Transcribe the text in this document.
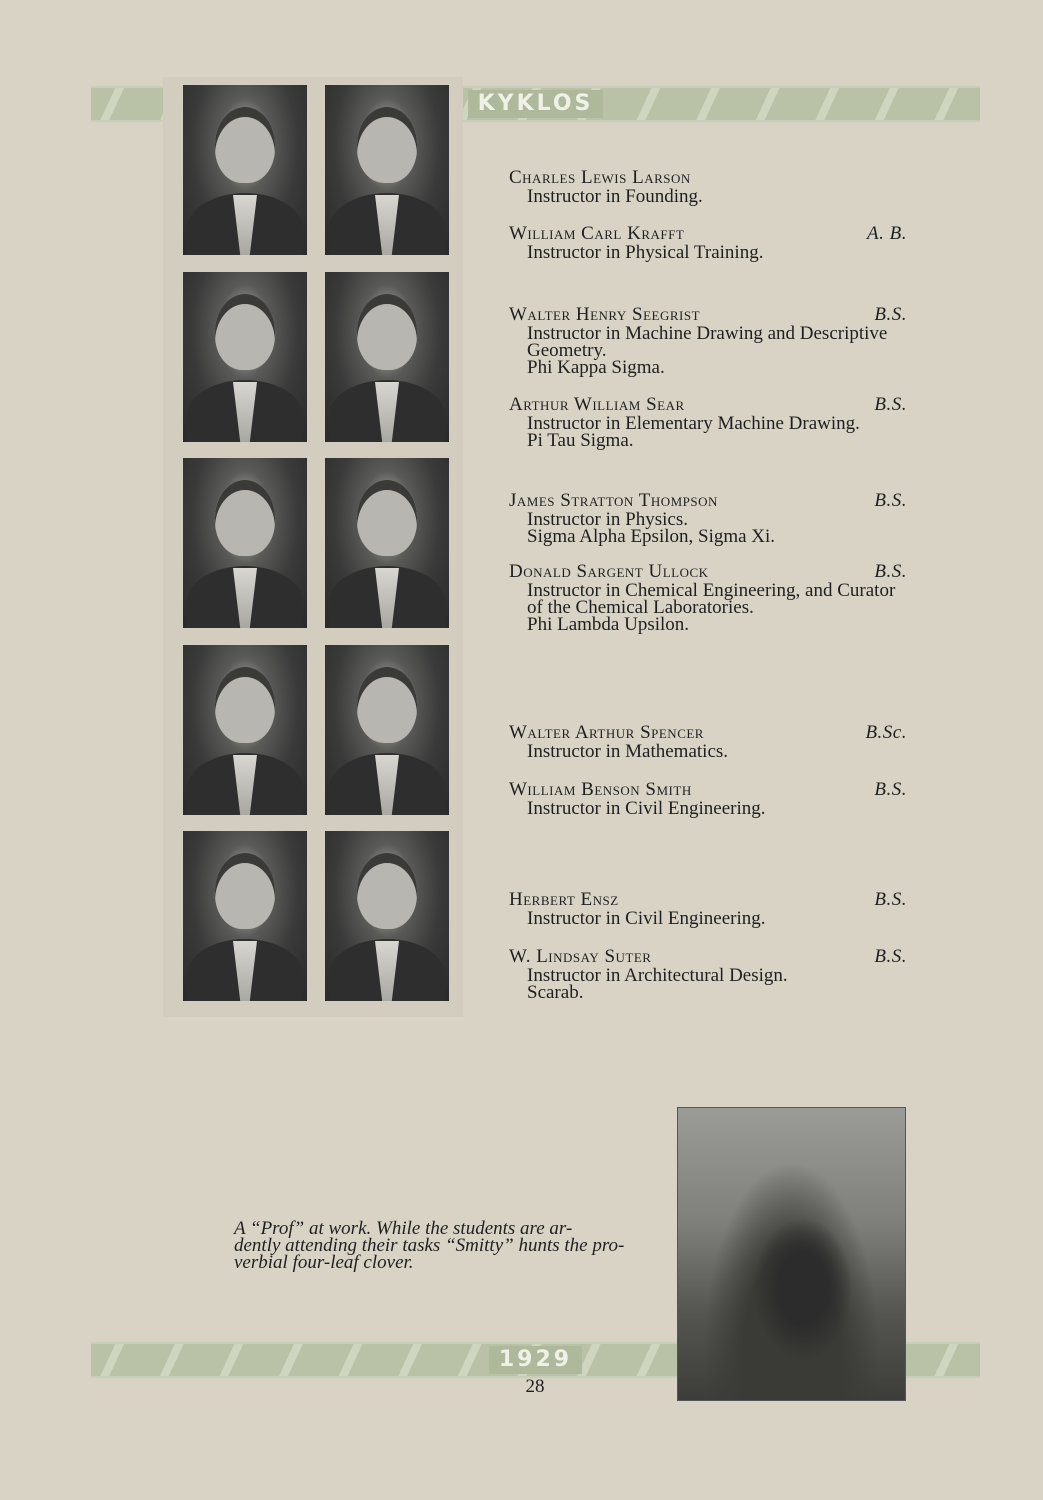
KYKLOS
Charles Lewis Larson
Instructor in Founding.
William Carl Krafft	A. B.
Instructor in Physical Training.
Walter Henry Seegrist	B.S.
Instructor in Machine Drawing and Descriptive
Geometry.
Phi Kappa Sigma.
Arthur William Sear	B.S.
Instructor in Elementary Machine Drawing.
Pi Tau Sigma.
James Stratton Thompson	B.S.
Instructor in Physics.
Sigma Alpha Epsilon, Sigma Xi.
Donald Sargent Ullock	B.S.
Instructor in Chemical Engineering, and Curator
of the Chemical Laboratories.
Phi Lambda Upsilon.
Walter Arthur Spencer	B.Sc.
Instructor in Mathematics.
William Benson Smith	B.S.
Instructor in Civil Engineering.
Herbert Ensz	B.S.
Instructor in Civil Engineering.
W. Lindsay Suter	B.S.
Instructor in Architectural Design.
Scarab.
A “Prof” at work. While the students are ar-
dently attending their tasks “Smitty” hunts the pro-
verbial four-leaf clover.
1929
28
